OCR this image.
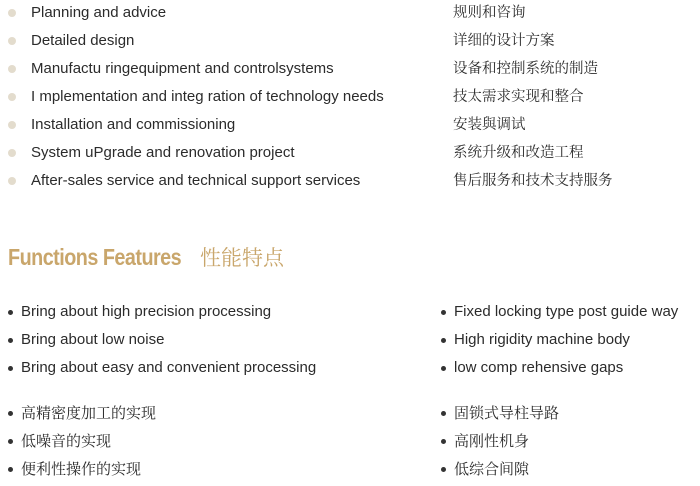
Planning and advice
Detailed design
Manufactu ringequipment and controlsystems
I mplementation and integ ration of technology needs
Installation and commissioning
System uPgrade and renovation project
After-sales service and technical support services
规则和咨询
详细的设计方案
设备和控制系统的制造
技太需求实现和整合
安装與调试
系统升级和改造工程
售后服务和技术支持服务
Functions Features 性能特点
Bring about high precision processing
Bring about low noise
Bring about easy and convenient processing
Fixed locking type post guide way
High rigidity machine body
low comp rehensive gaps
高精密度加工的实现
低噪音的实现
便利性操作的实现
固锁式导柱导路
高刚性机身
低综合间隙
